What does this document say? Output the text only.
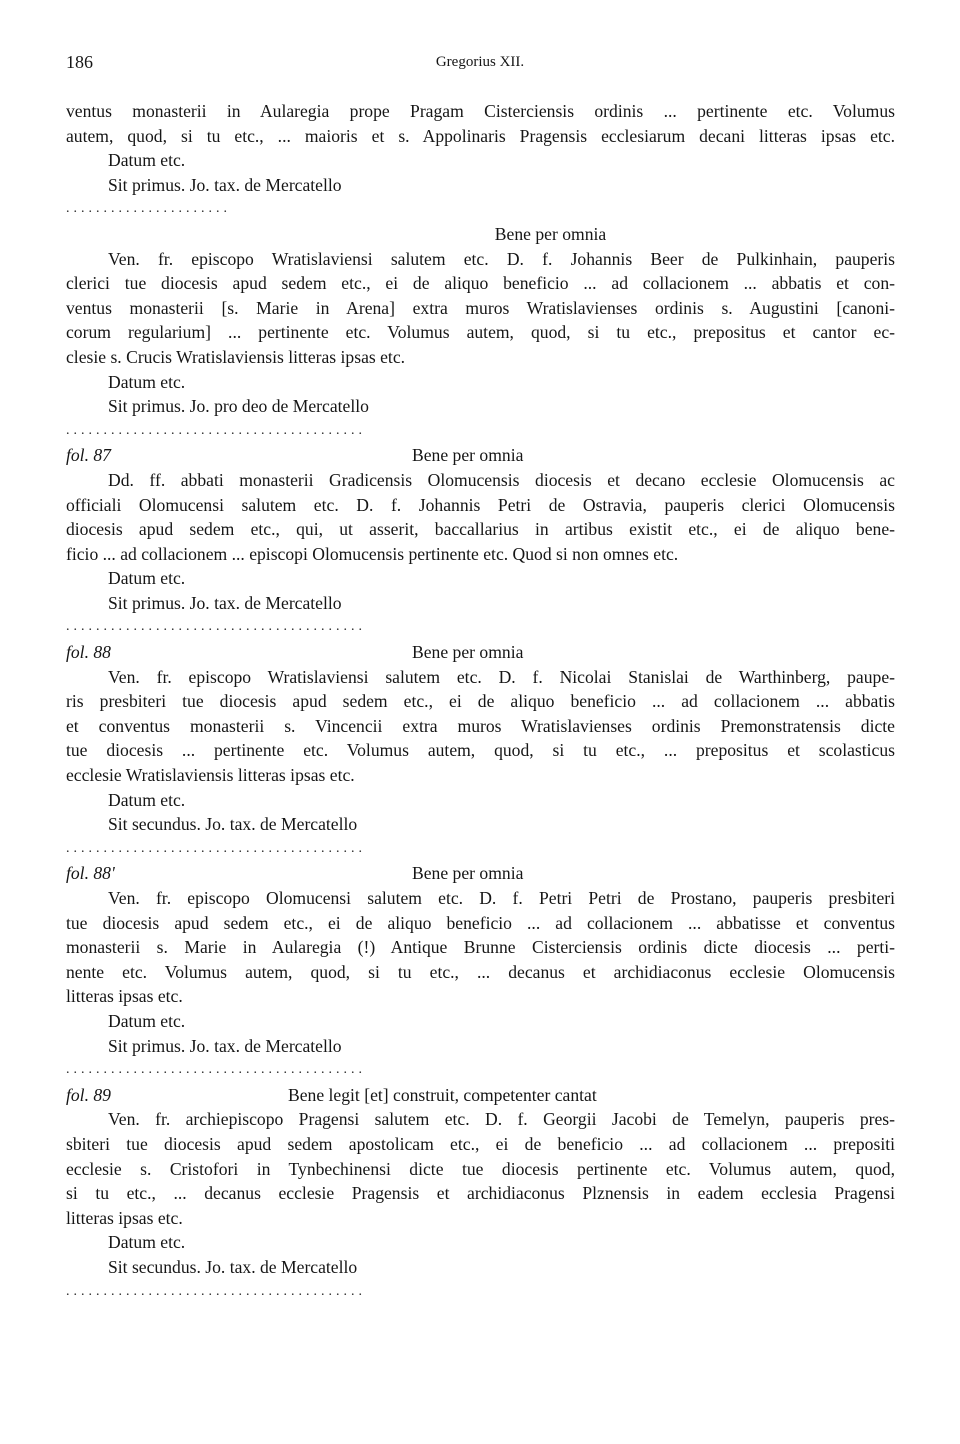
186	Gregorius XII.
ventus monasterii in Aularegia prope Pragam Cisterciensis ordinis ... pertinente etc. Volumus
autem, quod, si tu etc., ... maioris et s. Appolinaris Pragensis ecclesiarum decani litteras ipsas etc.
Datum etc.
Sit primus. Jo. tax. de Mercatello
......................
Bene per omnia
Ven. fr. episcopo Wratislaviensi salutem etc. D. f. Johannis Beer de Pulkinhain, pauperis
clerici tue diocesis apud sedem etc., ei de aliquo beneficio ... ad collacionem ... abbatis et con-
ventus monasterii [s. Marie in Arena] extra muros Wratislavienses ordinis s. Augustini [canoni-
corum regularium] ... pertinente etc. Volumus autem, quod, si tu etc., prepositus et cantor ec-
clesie s. Crucis Wratislaviensis litteras ipsas etc.
Datum etc.
Sit primus. Jo. pro deo de Mercatello
........................................
fol. 87	Bene per omnia
Dd. ff. abbati monasterii Gradicensis Olomucensis diocesis et decano ecclesie Olomucensis ac
officiali Olomucensi salutem etc. D. f. Johannis Petri de Ostravia, pauperis clerici Olomucensis
diocesis apud sedem etc., qui, ut asserit, baccallarius in artibus existit etc., ei de aliquo bene-
ficio ... ad collacionem ... episcopi Olomucensis pertinente etc. Quod si non omnes etc.
Datum etc.
Sit primus. Jo. tax. de Mercatello
........................................
fol. 88	Bene per omnia
Ven. fr. episcopo Wratislaviensi salutem etc. D. f. Nicolai Stanislai de Warthinberg, paupe-
ris presbiteri tue diocesis apud sedem etc., ei de aliquo beneficio ... ad collacionem ... abbatis
et conventus monasterii s. Vincencii extra muros Wratislavienses ordinis Premonstratensis dicte
tue diocesis ... pertinente etc. Volumus autem, quod, si tu etc., ... prepositus et scolasticus
ecclesie Wratislaviensis litteras ipsas etc.
Datum etc.
Sit secundus. Jo. tax. de Mercatello
........................................
fol. 88'	Bene per omnia
Ven. fr. episcopo Olomucensi salutem etc. D. f. Petri Petri de Prostano, pauperis presbiteri
tue diocesis apud sedem etc., ei de aliquo beneficio ... ad collacionem ... abbatisse et conventus
monasterii s. Marie in Aularegia (!) Antique Brunne Cisterciensis ordinis dicte diocesis ... perti-
nente etc. Volumus autem, quod, si tu etc., ... decanus et archidiaconus ecclesie Olomucensis
litteras ipsas etc.
Datum etc.
Sit primus. Jo. tax. de Mercatello
........................................
fol. 89	Bene legit [et] construit, competenter cantat
Ven. fr. archiepiscopo Pragensi salutem etc. D. f. Georgii Jacobi de Temelyn, pauperis pres-
sbiteri tue diocesis apud sedem apostolicam etc., ei de beneficio ... ad collacionem ... prepositi
ecclesie s. Cristofori in Tynbechinensi dicte tue diocesis pertinente etc. Volumus autem, quod,
si tu etc., ... decanus ecclesie Pragensis et archidiaconus Plznensis in eadem ecclesia Pragensi
litteras ipsas etc.
Datum etc.
Sit secundus. Jo. tax. de Mercatello
........................................
